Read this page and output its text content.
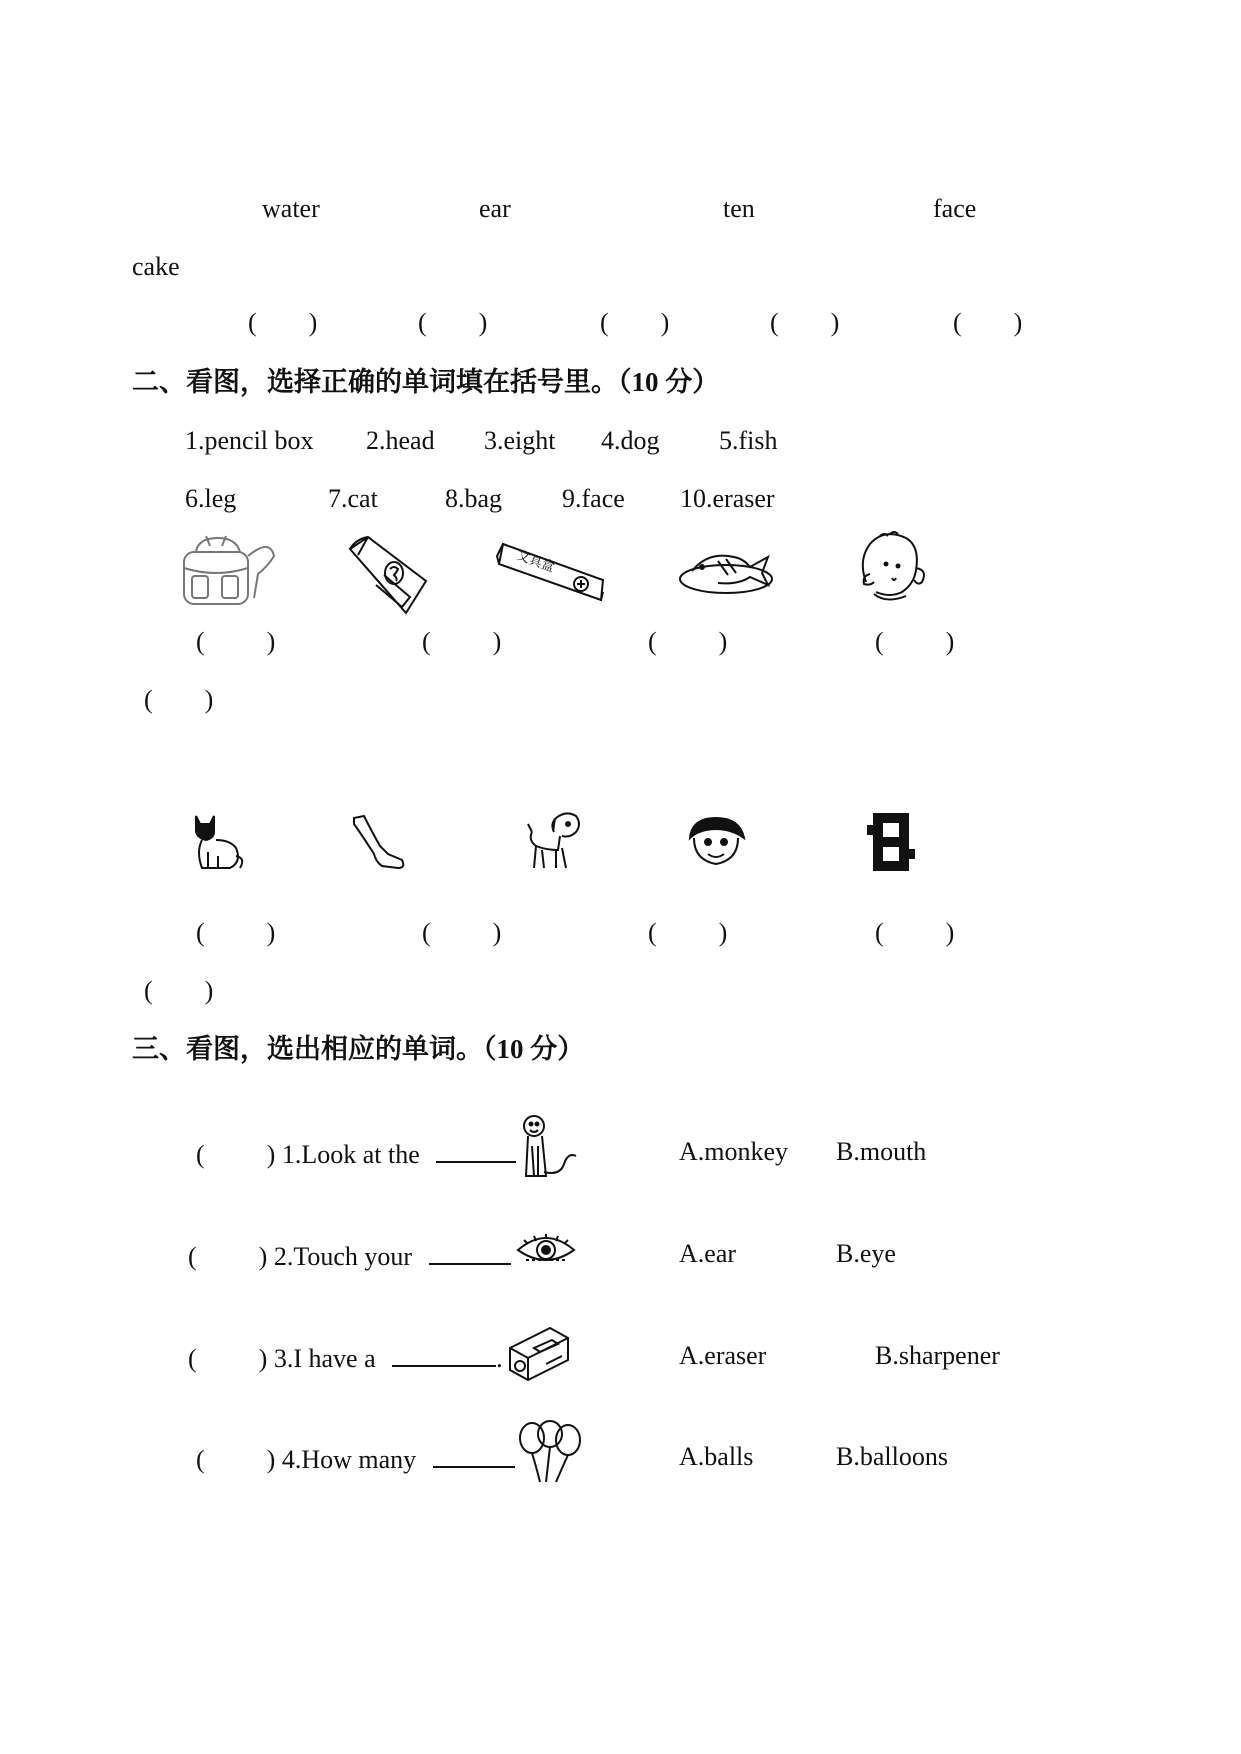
water	ear	ten	face
cake
( )	( )	( )	( )	( )
二、看图，选择正确的单词填在括号里。（10 分）
1.pencil box 2.head 3.eight 4.dog 5.fish
6.leg	7.cat	8.bag 9.face 10.eraser
文具盒
( )	( )	( )	( )
( )
( )	( )	( )	( )
( )
三、看图，选出相应的单词。（10 分）
( ) 1.Look at the	A.monkey B.mouth
( ) 2.Touch your	A.ear	B.eye
( ) 3.I have a	.	A.eraser	B.sharpener
( ) 4.How many	A.balls	B.balloons
